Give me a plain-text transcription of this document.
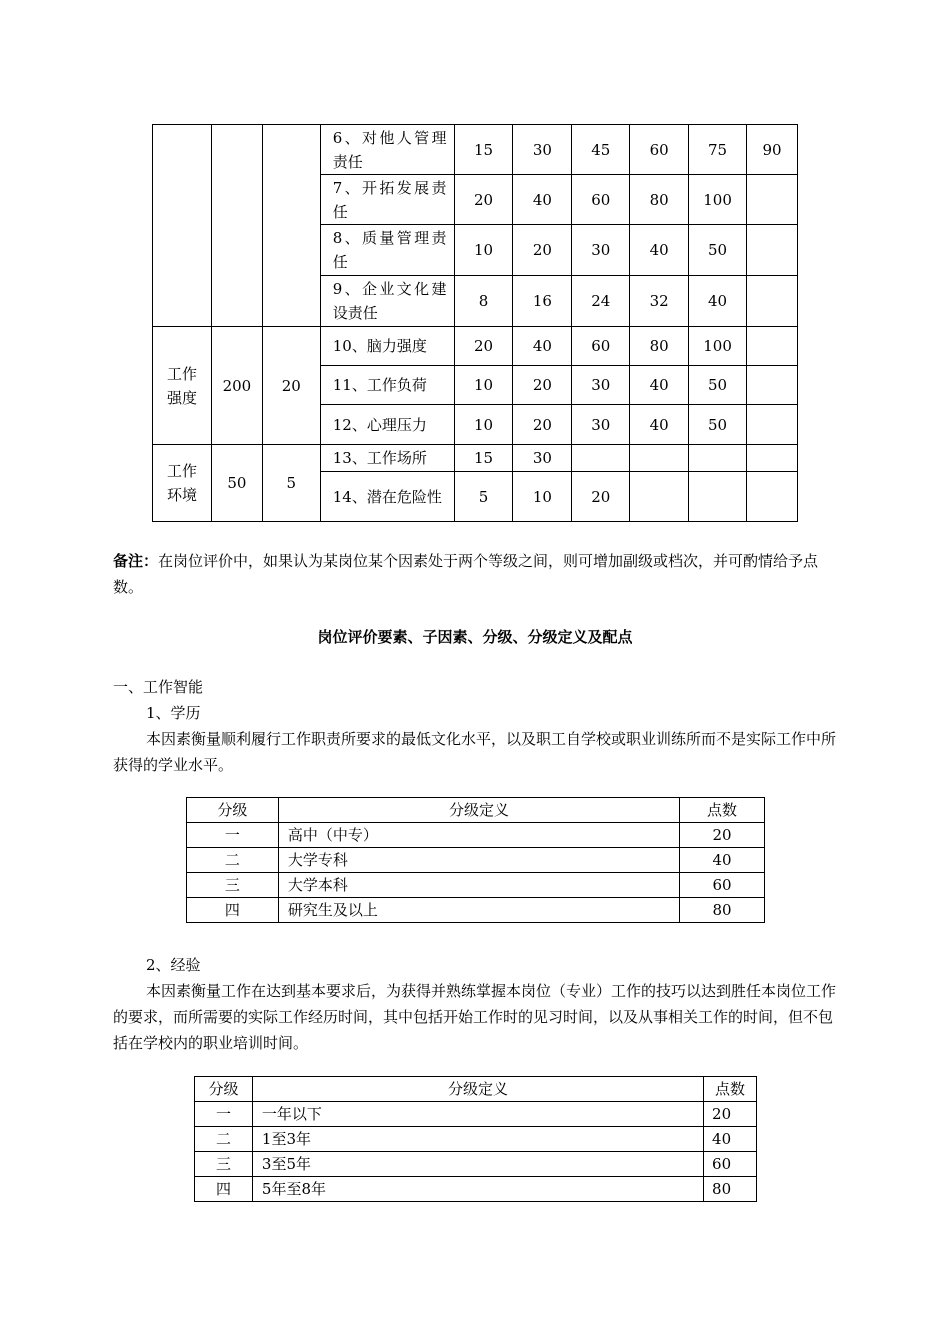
			6、对他人管理责任	15	30	45	60	75	90
			7、开拓发展责任	20	40	60	80	100	
			8、质量管理责任	10	20	30	40	50	
			9、企业文化建设责任	8	16	24	32	40	
工作强度	200	20	10、脑力强度	20	40	60	80	100	
			11、工作负荷	10	20	30	40	50	
			12、心理压力	10	20	30	40	50	
工作环境	50	5	13、工作场所	15	30				
			14、潜在危险性	5	10	20			
备注：在岗位评价中，如果认为某岗位某个因素处于两个等级之间，则可增加副级或档次，并可酌情给予点数。
岗位评价要素、子因素、分级、分级定义及配点
一、工作智能
1、学历
本因素衡量顺利履行工作职责所要求的最低文化水平，以及职工自学校或职业训练所而不是实际工作中所获得的学业水平。
分级	分级定义	点数
一	高中（中专）	20
二	大学专科	40
三	大学本科	60
四	研究生及以上	80
2、经验
本因素衡量工作在达到基本要求后，为获得并熟练掌握本岗位（专业）工作的技巧以达到胜任本岗位工作的要求，而所需要的实际工作经历时间，其中包括开始工作时的见习时间，以及从事相关工作的时间，但不包括在学校内的职业培训时间。
分级	分级定义	点数
一	一年以下	20
二	1至3年	40
三	3至5年	60
四	5年至8年	80
